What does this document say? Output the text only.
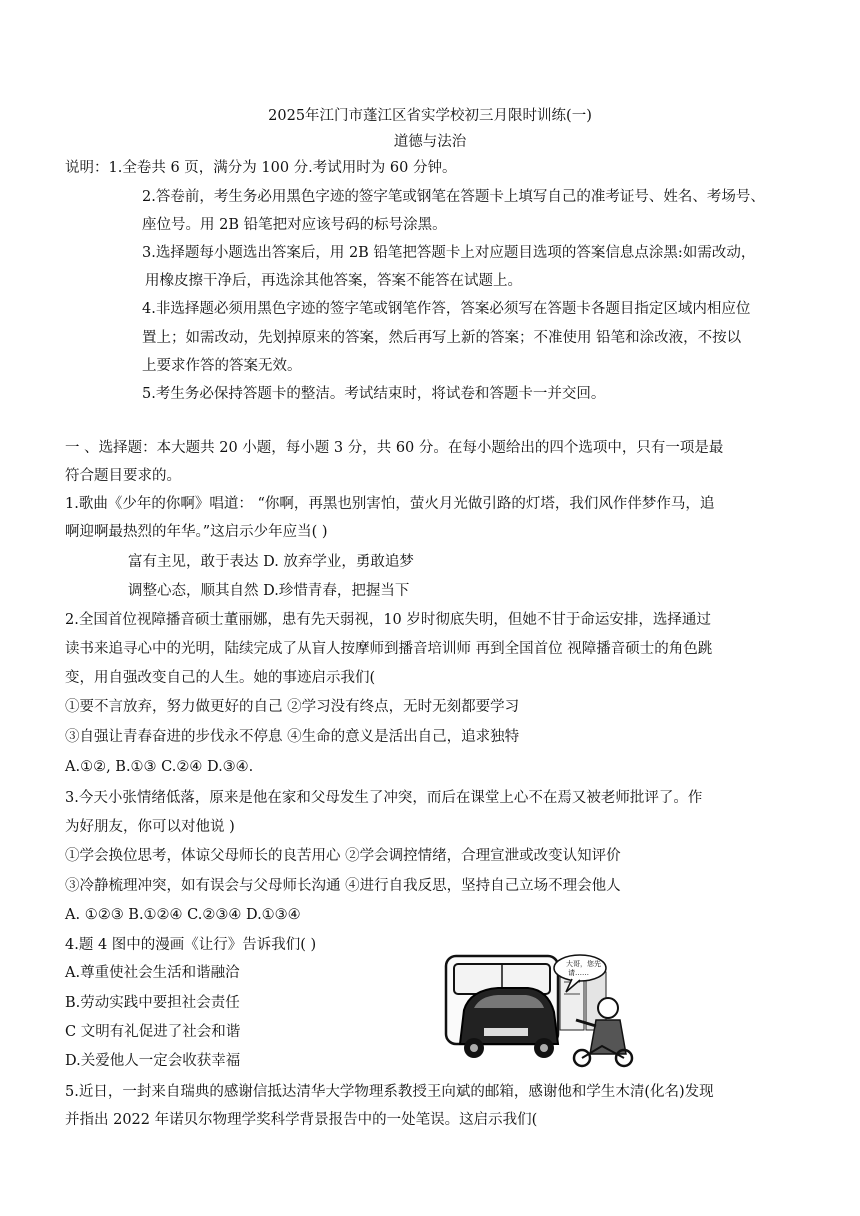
2025年江门市蓬江区省实学校初三月限时训练(一)
道德与法治
说明：1.全卷共 6 页，满分为 100 分.考试用时为 60 分钟。
2.答卷前，考生务必用黑色字迹的签字笔或钢笔在答题卡上填写自己的准考证号、姓名、考场号、
座位号。用 2B 铅笔把对应该号码的标号涂黑。
3.选择题每小题选出答案后，用 2B 铅笔把答题卡上对应题目选项的答案信息点涂黑:如需改动，
用橡皮擦干净后，再选涂其他答案，答案不能答在试题上。
4.非选择题必须用黑色字迹的签字笔或钢笔作答，答案必须写在答题卡各题目指定区域内相应位
置上；如需改动，先划掉原来的答案，然后再写上新的答案；不准使用 铅笔和涂改液，不按以
上要求作答的答案无效。
5.考生务必保持答题卡的整洁。考试结束时，将试卷和答题卡一并交回。
一 、选择题：本大题共 20 小题，每小题 3 分，共 60 分。在每小题给出的四个选项中，只有一项是最
符合题目要求的。
1.歌曲《少年的你啊》唱道： “你啊，再黑也别害怕，萤火月光做引路的灯塔，我们风作伴梦作马，追
啊迎啊最热烈的年华。”这启示少年应当( )
富有主见，敢于表达 D. 放弃学业，勇敢追梦
调整心态，顺其自然 D.珍惜青春，把握当下
2.全国首位视障播音硕士董丽娜，患有先天弱视，10 岁时彻底失明，但她不甘于命运安排，选择通过
读书来追寻心中的光明，陆续完成了从盲人按摩师到播音培训师 再到全国首位 视障播音硕士的角色跳
变，用自强改变自己的人生。她的事迹启示我们(
①要不言放弃，努力做更好的自己 ②学习没有终点，无时无刻都要学习
③自强让青春奋进的步伐永不停息 ④生命的意义是活出自己，追求独特
A.①②, B.①③ C.②④ D.③④.
3.今天小张情绪低落，原来是他在家和父母发生了冲突，而后在课堂上心不在焉又被老师批评了。作
为好朋友，你可以对他说 )
①学会换位思考，体谅父母师长的良苦用心 ②学会调控情绪，合理宣泄或改变认知评价
③冷静梳理冲突，如有误会与父母师长沟通 ④进行自我反思，坚持自己立场不理会他人
A. ①②③ B.①②④ C.②③④ D.①③④
4.题 4 图中的漫画《让行》告诉我们( )
A.尊重使社会生活和谐融洽
B.劳动实践中要担社会责任
C 文明有礼促进了社会和谐
D.关爱他人一定会收获幸福
大哥，您先
请……
5.近日，一封来自瑞典的感谢信抵达清华大学物理系教授王向斌的邮箱，感谢他和学生木清(化名)发现
并指出 2022 年诺贝尔物理学奖科学背景报告中的一处笔误。这启示我们(
